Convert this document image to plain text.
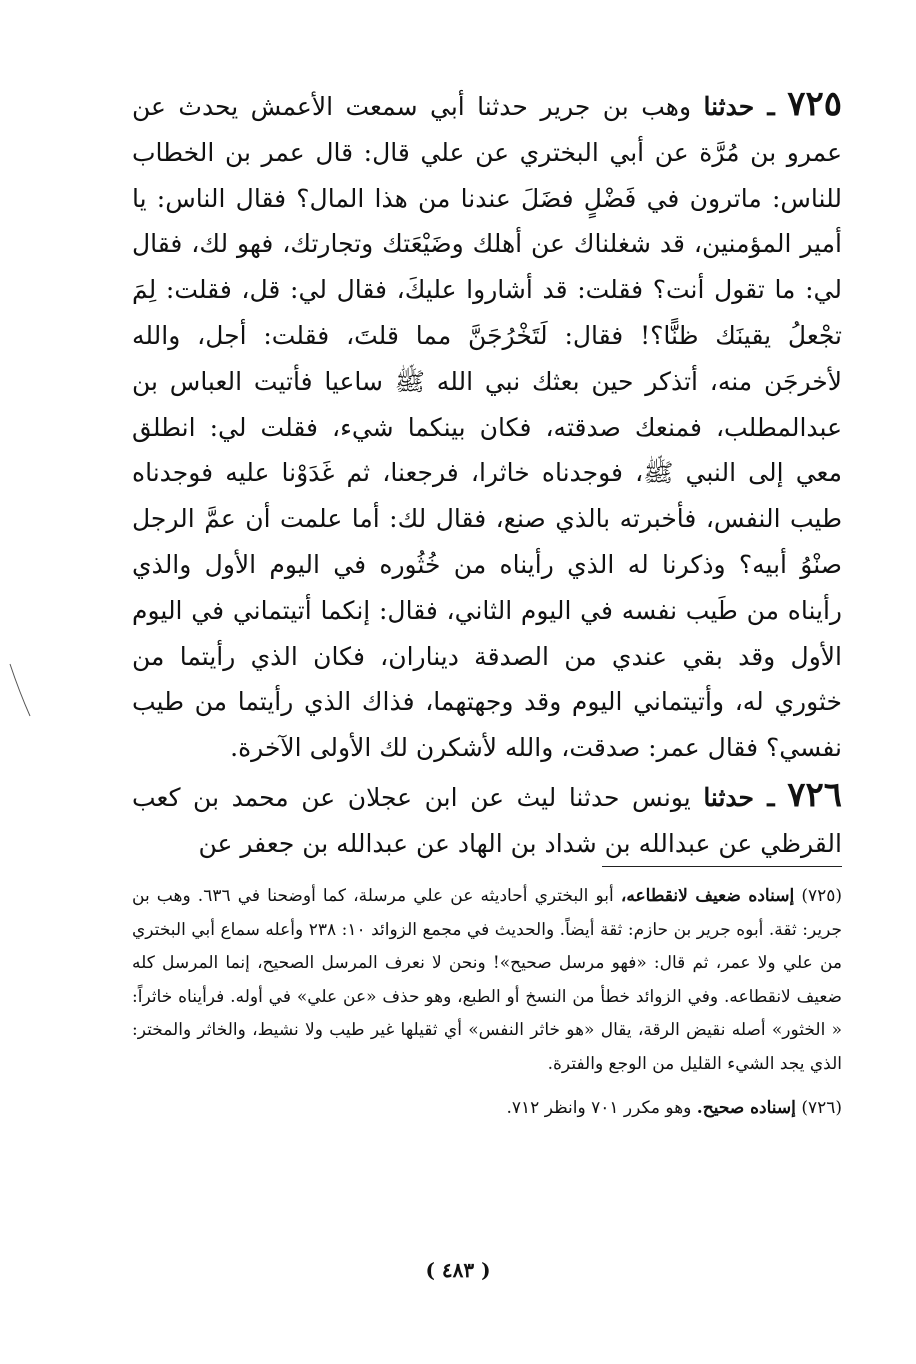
٧٢٥ ـ حدثنا وهب بن جرير حدثنا أبي سمعت الأعمش يحدث عن عمرو بن مُرَّة عن أبي البختري عن علي قال: قال عمر بن الخطاب للناس: ماترون في فَضْلٍ فضَلَ عندنا من هذا المال؟ فقال الناس: يا أمير المؤمنين، قد شغلناك عن أهلك وضَيْعَتك وتجارتك، فهو لك، فقال لي: ما تقول أنت؟ فقلت: قد أشاروا عليكَ، فقال لي: قل، فقلت: لِمَ تجْعلُ يقينَك ظنًّا؟! فقال: لَتَخْرُجَنَّ مما قلتَ، فقلت: أجل، والله لأخرجَن منه، أتذكر حين بعثك نبي الله ﷺ ساعيا فأتيت العباس بن عبدالمطلب، فمنعك صدقته، فكان بينكما شيء، فقلت لي: انطلق معي إلى النبي ﷺ، فوجدناه خاثرا، فرجعنا، ثم غَدَوْنا عليه فوجدناه طيب النفس، فأخبرته بالذي صنع، فقال لك: أما علمت أن عمَّ الرجل صنْوُ أبيه؟ وذكرنا له الذي رأيناه من خُثُوره في اليوم الأول والذي رأيناه من طَيب نفسه في اليوم الثاني، فقال: إنكما أتيتماني في اليوم الأول وقد بقي عندي من الصدقة ديناران، فكان الذي رأيتما من خثوري له، وأتيتماني اليوم وقد وجهتهما، فذاك الذي رأيتما من طيب نفسي؟ فقال عمر: صدقت، والله لأشكرن لك الأولى الآخرة.

٧٢٦ ـ حدثنا يونس حدثنا ليث عن ابن عجلان عن محمد بن كعب القرظي عن عبدالله بن شداد بن الهاد عن عبدالله بن جعفر عن

(٧٢٥) إسناده ضعيف لانقطاعه، أبو البختري أحاديثه عن علي مرسلة، كما أوضحنا في ٦٣٦. وهب بن جرير: ثقة. أبوه جرير بن حازم: ثقة أيضاً. والحديث في مجمع الزوائد ١٠: ٢٣٨ وأعله سماع أبي البختري من علي ولا عمر، ثم قال: «فهو مرسل صحيح»! ونحن لا نعرف المرسل الصحيح، إنما المرسل كله ضعيف لانقطاعه. وفي الزوائد خطأ من النسخ أو الطبع، وهو حذف «عن علي» في أوله. فرأيناه خاثراً: « الخثور» أصله نقيض الرقة، يقال «هو خاثر النفس» أي ثقيلها غير طيب ولا نشيط، والخاثر والمختر: الذي يجد الشيء القليل من الوجع والفترة.

(٧٢٦) إسناده صحيح. وهو مكرر ٧٠١ وانظر ٧١٢.

( ٤٨٣ )
